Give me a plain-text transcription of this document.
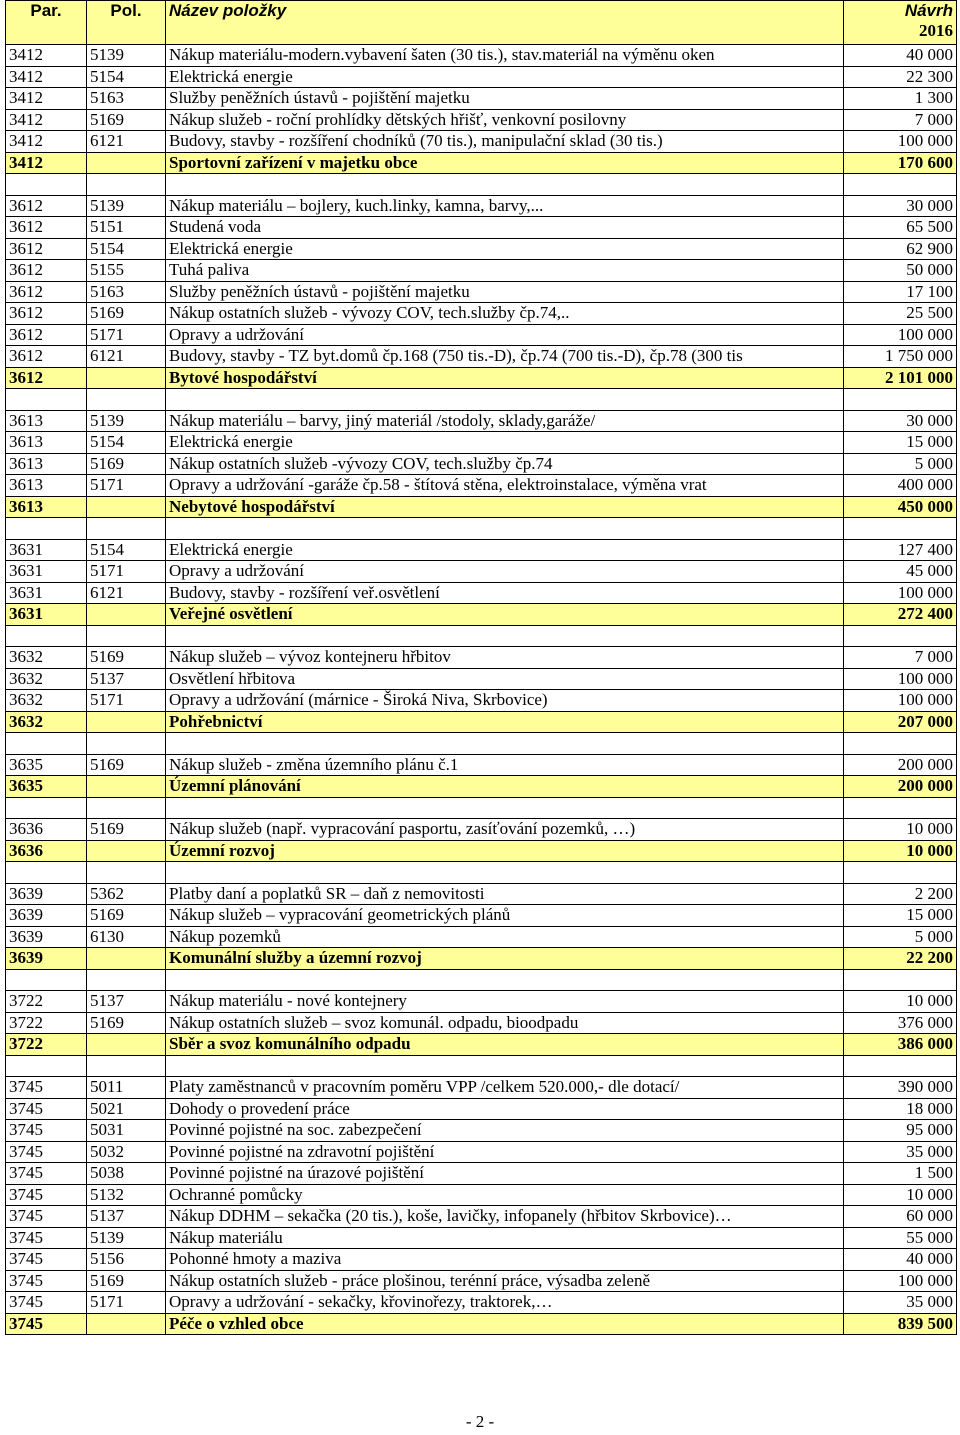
Par.	Pol.	Název položky	Návrh
2016
3412	5139	Nákup materiálu-modern.vybavení šaten (30 tis.), stav.materiál na výměnu oken	40 000
3412	5154	Elektrická energie	22 300
3412	5163	Služby peněžních ústavů - pojištění majetku	1 300
3412	5169	Nákup služeb - roční prohlídky dětských hřišť, venkovní posilovny	7 000
3412	6121	Budovy, stavby - rozšíření chodníků (70 tis.), manipulační sklad (30 tis.)	100 000
3412		Sportovní zařízení v majetku obce	170 600

3612	5139	Nákup materiálu – bojlery, kuch.linky, kamna, barvy,...	30 000
3612	5151	Studená voda	65 500
3612	5154	Elektrická energie	62 900
3612	5155	Tuhá paliva	50 000
3612	5163	Služby peněžních ústavů - pojištění majetku	17 100
3612	5169	Nákup ostatních služeb - vývozy COV, tech.služby čp.74,..	25 500
3612	5171	Opravy a udržování	100 000
3612	6121	Budovy, stavby - TZ byt.domů čp.168 (750 tis.-D), čp.74 (700 tis.-D), čp.78 (300 tis	1 750 000
3612		Bytové hospodářství	2 101 000

3613	5139	Nákup materiálu – barvy, jiný materiál /stodoly, sklady,garáže/	30 000
3613	5154	Elektrická energie	15 000
3613	5169	Nákup ostatních služeb -vývozy COV, tech.služby čp.74	5 000
3613	5171	Opravy a udržování -garáže čp.58 - štítová stěna, elektroinstalace, výměna vrat	400 000
3613		Nebytové hospodářství	450 000

3631	5154	Elektrická energie	127 400
3631	5171	Opravy a udržování	45 000
3631	6121	Budovy, stavby - rozšíření veř.osvětlení	100 000
3631		Veřejné osvětlení	272 400

3632	5169	Nákup služeb – vývoz kontejneru hřbitov	7 000
3632	5137	Osvětlení hřbitova	100 000
3632	5171	Opravy a udržování (márnice - Široká Niva, Skrbovice)	100 000
3632		Pohřebnictví	207 000

3635	5169	Nákup služeb - změna územního plánu č.1	200 000
3635		Územní plánování	200 000

3636	5169	Nákup služeb (např. vypracování pasportu, zasíťování pozemků, …)	10 000
3636		Územní rozvoj	10 000

3639	5362	Platby daní a poplatků SR – daň z nemovitosti	2 200
3639	5169	Nákup služeb – vypracování geometrických plánů	15 000
3639	6130	Nákup pozemků	5 000
3639		Komunální služby a územní rozvoj	22 200

3722	5137	Nákup materiálu - nové kontejnery	10 000
3722	5169	Nákup ostatních služeb – svoz komunál. odpadu, bioodpadu	376 000
3722		Sběr a svoz komunálního odpadu	386 000

3745	5011	Platy zaměstnanců v pracovním poměru VPP /celkem 520.000,- dle dotací/	390 000
3745	5021	Dohody o provedení práce	18 000
3745	5031	Povinné pojistné na soc. zabezpečení	95 000
3745	5032	Povinné pojistné na zdravotní pojištění	35 000
3745	5038	Povinné pojistné na úrazové pojištění	1 500
3745	5132	Ochranné pomůcky	10 000
3745	5137	Nákup DDHM – sekačka (20 tis.), koše, lavičky, infopanely (hřbitov Skrbovice)…	60 000
3745	5139	Nákup materiálu	55 000
3745	5156	Pohonné hmoty a maziva	40 000
3745	5169	Nákup ostatních služeb - práce plošinou, terénní práce, výsadba zeleně	100 000
3745	5171	Opravy a udržování - sekačky, křovinořezy, traktorek,…	35 000
3745		Péče o vzhled obce	839 500
- 2 -
